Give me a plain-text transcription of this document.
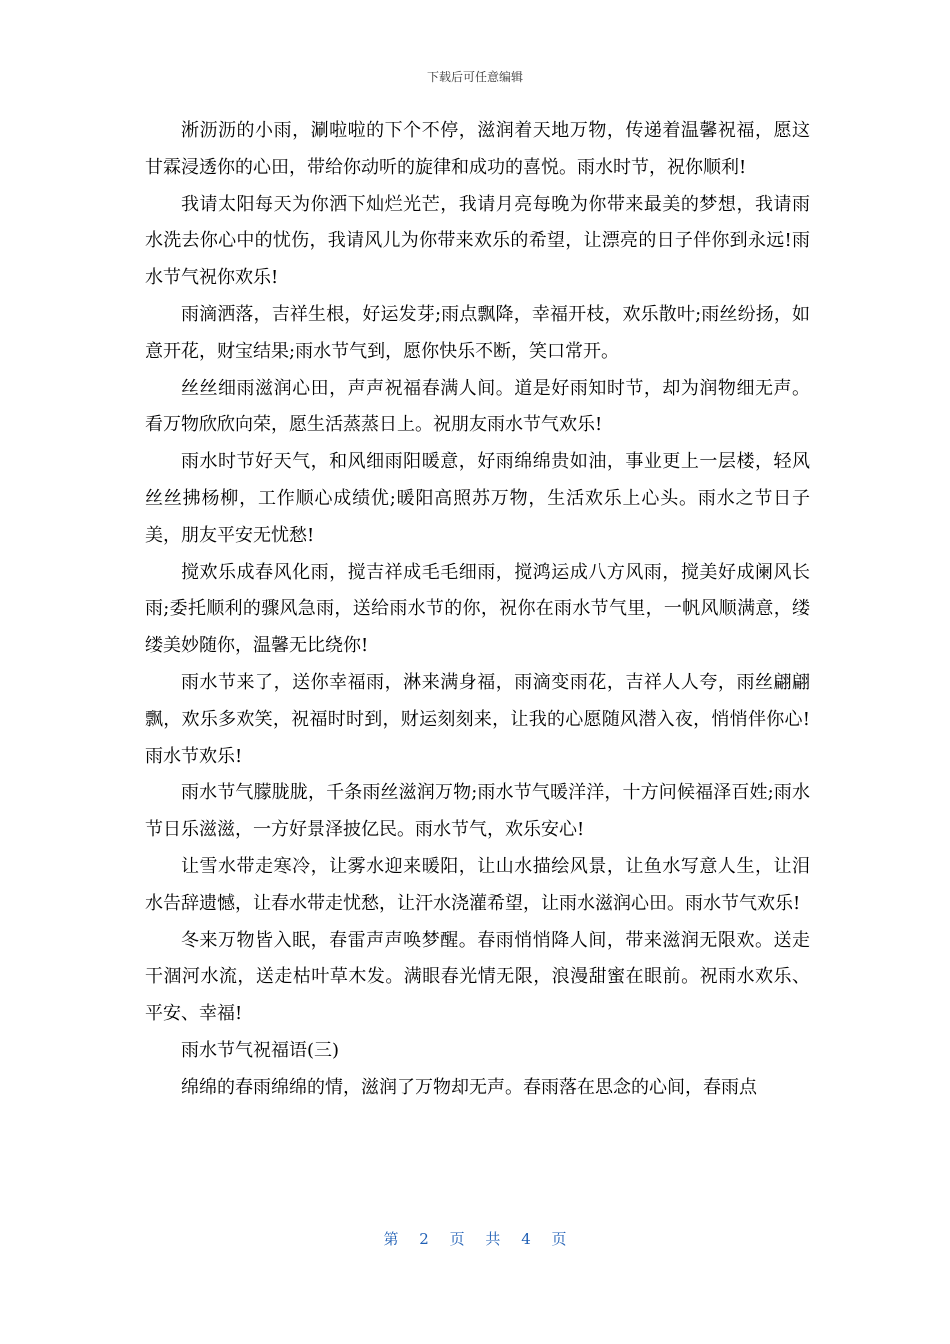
下载后可任意编辑

淅沥沥的小雨，涮啦啦的下个不停，滋润着天地万物，传递着温馨祝福，愿这甘霖浸透你的心田，带给你动听的旋律和成功的喜悦。雨水时节，祝你顺利!

我请太阳每天为你洒下灿烂光芒，我请月亮每晚为你带来最美的梦想，我请雨水洗去你心中的忧伤，我请风儿为你带来欢乐的希望，让漂亮的日子伴你到永远!雨水节气祝你欢乐!

雨滴洒落，吉祥生根，好运发芽;雨点飘降，幸福开枝，欢乐散叶;雨丝纷扬，如意开花，财宝结果;雨水节气到，愿你快乐不断，笑口常开。

丝丝细雨滋润心田，声声祝福春满人间。道是好雨知时节，却为润物细无声。看万物欣欣向荣，愿生活蒸蒸日上。祝朋友雨水节气欢乐!

雨水时节好天气，和风细雨阳暖意，好雨绵绵贵如油，事业更上一层楼，轻风丝丝拂杨柳，工作顺心成绩优;暖阳高照苏万物，生活欢乐上心头。雨水之节日子美，朋友平安无忧愁!

搅欢乐成春风化雨，搅吉祥成毛毛细雨，搅鸿运成八方风雨，搅美好成阑风长雨;委托顺利的骤风急雨，送给雨水节的你，祝你在雨水节气里，一帆风顺满意，缕缕美妙随你，温馨无比绕你!

雨水节来了，送你幸福雨，淋来满身福，雨滴变雨花，吉祥人人夸，雨丝翩翩飘，欢乐多欢笑，祝福时时到，财运刻刻来，让我的心愿随风潜入夜，悄悄伴你心!雨水节欢乐!

雨水节气朦胧胧，千条雨丝滋润万物;雨水节气暖洋洋，十方问候福泽百姓;雨水节日乐滋滋，一方好景泽披亿民。雨水节气，欢乐安心!

让雪水带走寒冷，让雾水迎来暖阳，让山水描绘风景，让鱼水写意人生，让泪水告辞遗憾，让春水带走忧愁，让汗水浇灌希望，让雨水滋润心田。雨水节气欢乐!

冬来万物皆入眠，春雷声声唤梦醒。春雨悄悄降人间，带来滋润无限欢。送走干涸河水流，送走枯叶草木发。满眼春光情无限，浪漫甜蜜在眼前。祝雨水欢乐、平安、幸福!

雨水节气祝福语(三)

绵绵的春雨绵绵的情，滋润了万物却无声。春雨落在思念的心间，春雨点

第 2 页 共 4 页
